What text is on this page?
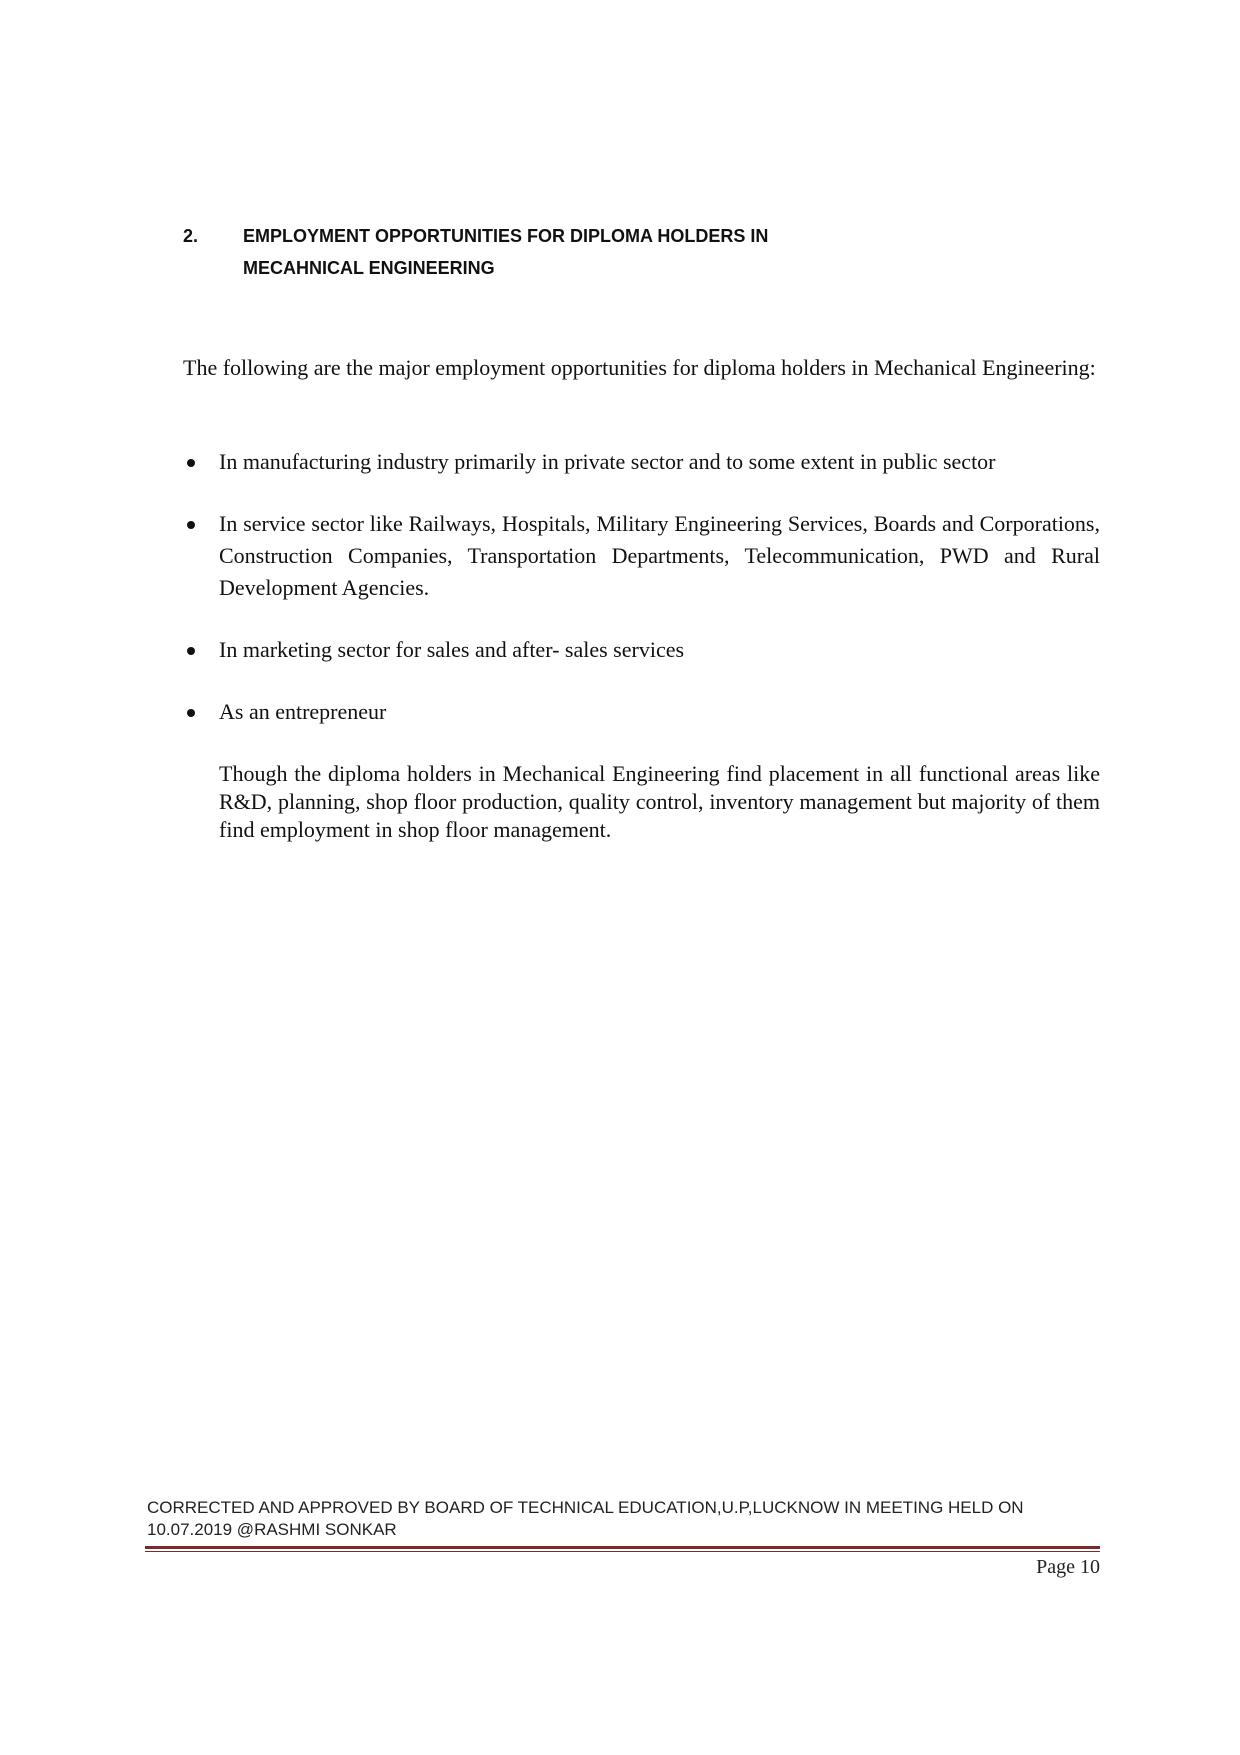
2. EMPLOYMENT OPPORTUNITIES FOR DIPLOMA HOLDERS IN
MECAHNICAL ENGINEERING

The following are the major employment opportunities for diploma holders in Mechanical Engineering:

In manufacturing industry primarily in private sector and to some extent in public sector
In service sector like Railways, Hospitals, Military Engineering Services, Boards and Corporations, Construction Companies, Transportation Departments, Telecommunication, PWD and Rural Development Agencies.
In marketing sector for sales and after- sales services
As an entrepreneur

Though the diploma holders in Mechanical Engineering find placement in all functional areas like R&D, planning, shop floor production, quality control, inventory management but majority of them find employment in shop floor management.

CORRECTED AND APPROVED BY BOARD OF TECHNICAL EDUCATION,U.P,LUCKNOW IN MEETING HELD ON
10.07.2019 @RASHMI SONKAR
Page 10
